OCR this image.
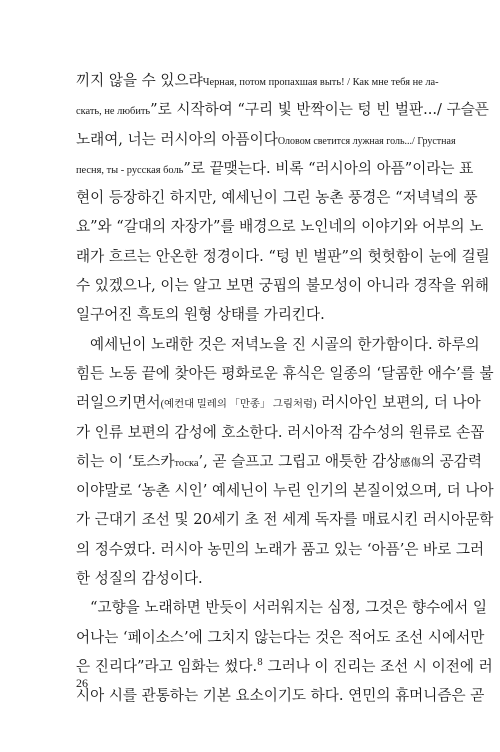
끼지 않을 수 있으랴Черная, потом пропахшая выть! / Как мне тебя не ла-
скать, не любить”로 시작하여 “구리 빛 반짝이는 텅 빈 벌판.../ 구슬픈
노래여, 너는 러시아의 아픔이다Оловом светится лужная голь.../ Грустная
песня, ты - русская боль”로 끝맺는다. 비록 “러시아의 아픔”이라는 표
현이 등장하긴 하지만, 예세닌이 그린 농촌 풍경은 “저녁녘의 풍
요”와 “갈대의 자장가”를 배경으로 노인네의 이야기와 어부의 노
래가 흐르는 안온한 정경이다. “텅 빈 벌판”의 헛헛함이 눈에 걸릴
수 있겠으나, 이는 알고 보면 궁핍의 불모성이 아니라 경작을 위해
일구어진 흑토의 원형 상태를 가리킨다.
예세닌이 노래한 것은 저녁노을 진 시골의 한가함이다. 하루의
힘든 노동 끝에 찾아든 평화로운 휴식은 일종의 ‘달콤한 애수’를 불
러일으키면서(예컨대 밀레의 「만종」 그림처럼) 러시아인 보편의, 더 나아
가 인류 보편의 감성에 호소한다. 러시아적 감수성의 원류로 손꼽
히는 이 ‘토스카тоска’, 곧 슬프고 그립고 애틋한 감상感傷의 공감력
이야말로 ‘농촌 시인’ 예세닌이 누린 인기의 본질이었으며, 더 나아
가 근대기 조선 및 20세기 초 전 세계 독자를 매료시킨 러시아문학
의 정수였다. 러시아 농민의 노래가 품고 있는 ‘아픔’은 바로 그러
한 성질의 감성이다.
“고향을 노래하면 반듯이 서러워지는 심정, 그것은 향수에서 일
어나는 ‘페이소스’에 그치지 않는다는 것은 적어도 조선 시에서만
은 진리다”라고 임화는 썼다.$^8$ 그러나 이 진리는 조선 시 이전에 러
시아 시를 관통하는 기본 요소이기도 하다. 연민의 휴머니즘은 곧
26
